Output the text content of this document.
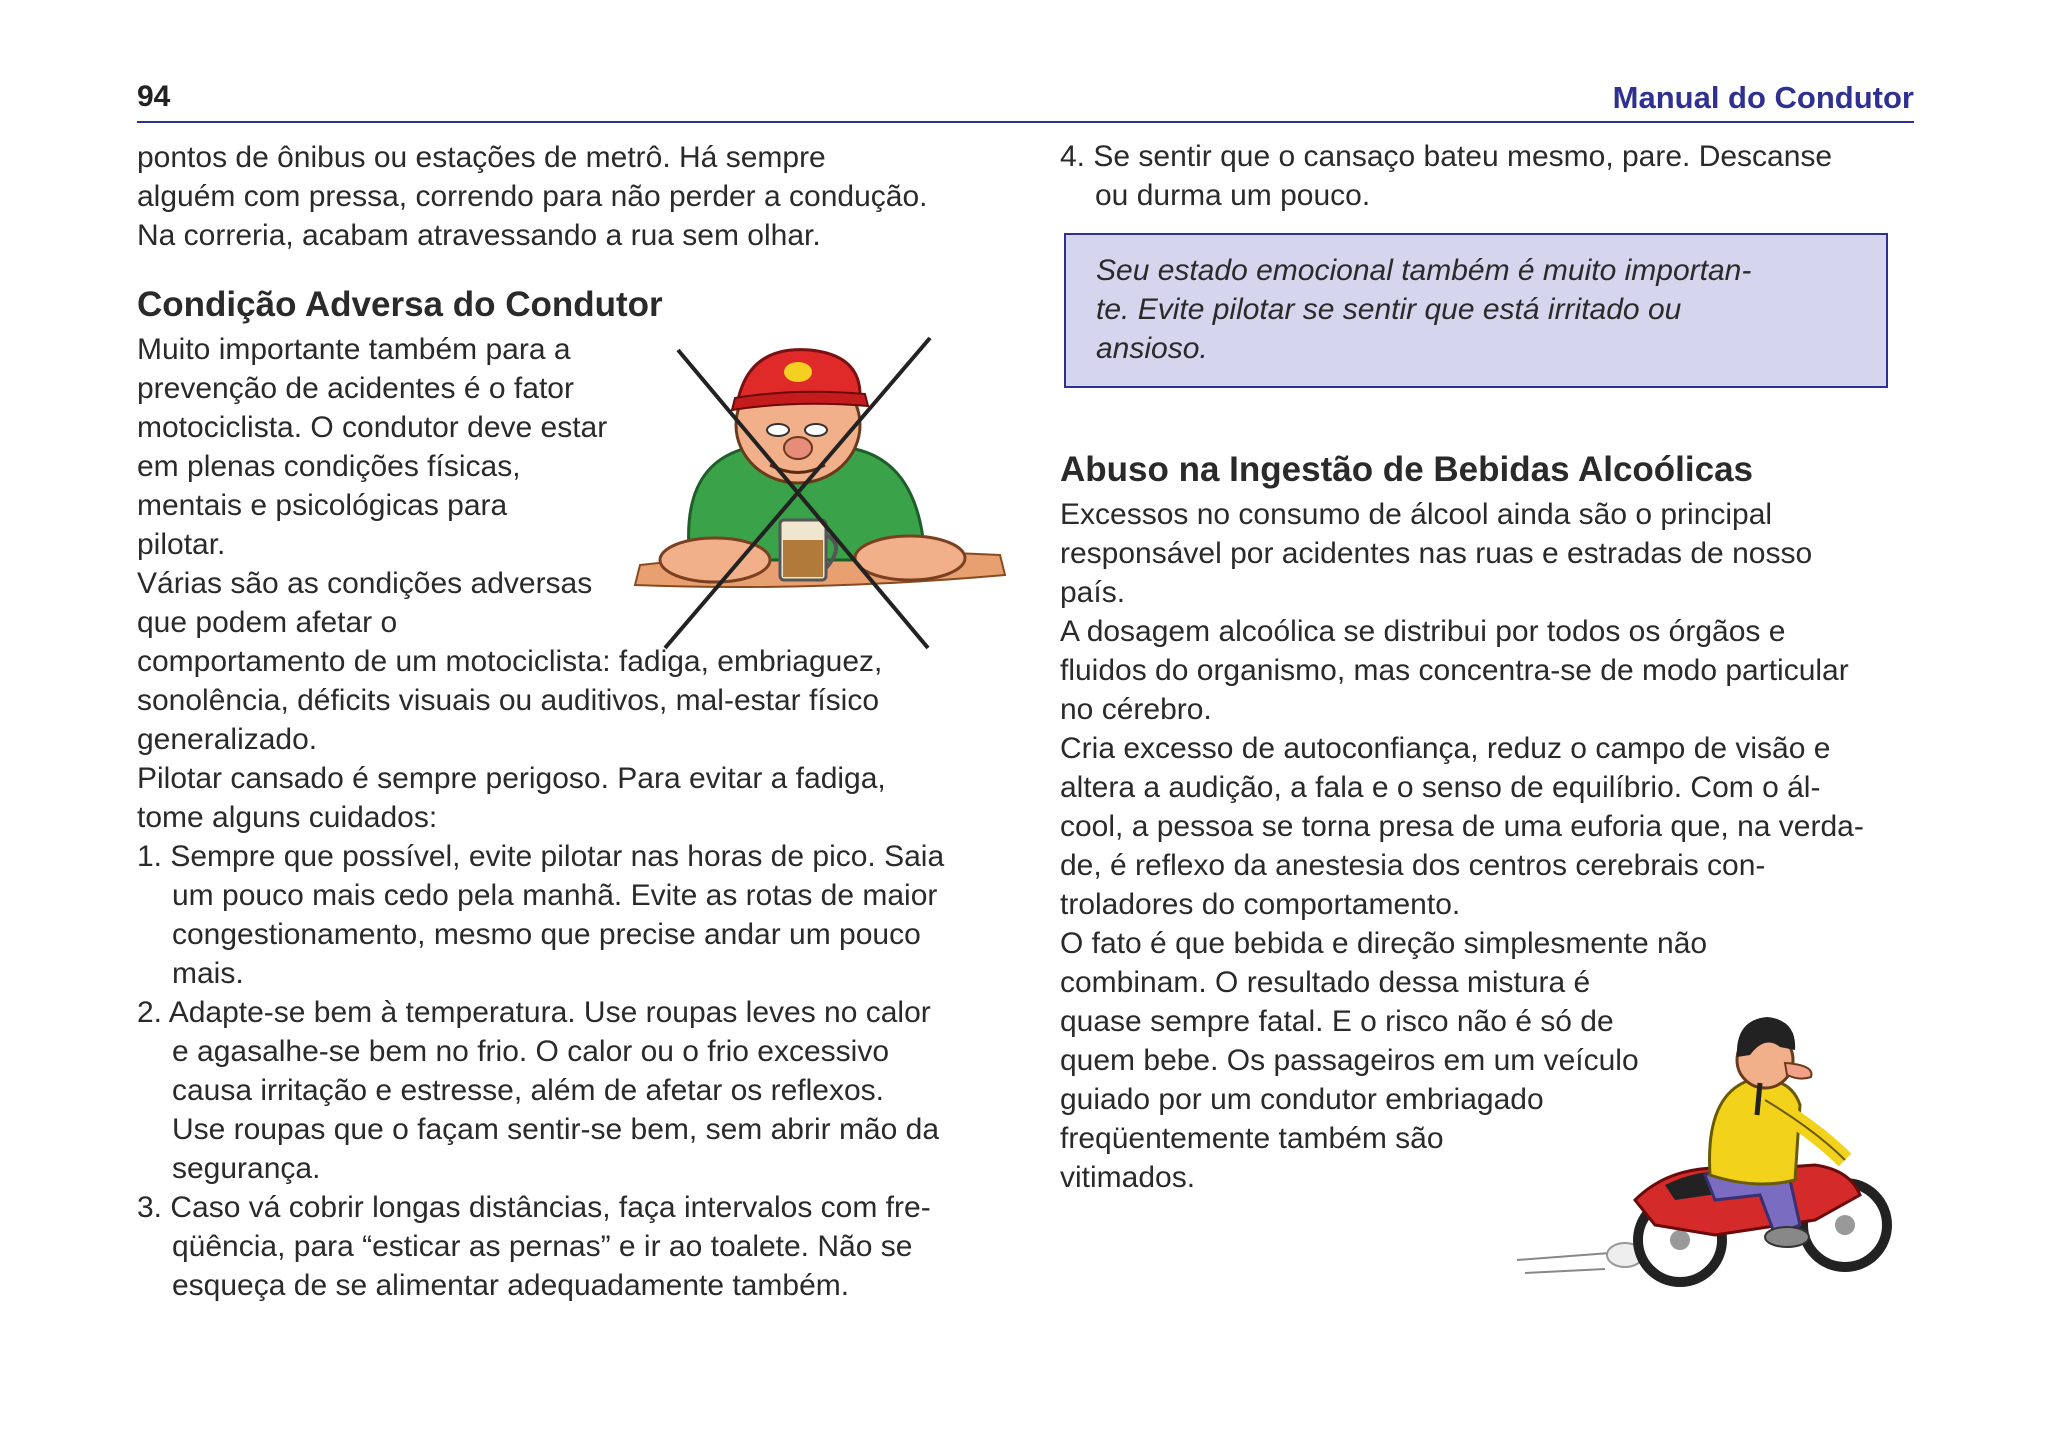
94	Manual do Condutor

pontos de ônibus ou estações de metrô. Há sempre

alguém com pressa, correndo para não perder a condução.

Na correria, acabam atravessando a rua sem olhar.

Condição Adversa do Condutor

Muito importante também para a

prevenção de acidentes é o fator

motociclista. O condutor deve estar

em plenas condições físicas,

mentais e psicológicas para

pilotar.

Várias são as condições adversas

que podem afetar o

comportamento de um motociclista: fadiga, embriaguez,

sonolência, déficits visuais ou auditivos, mal-estar físico

generalizado.

Pilotar cansado é sempre perigoso. Para evitar a fadiga,

tome alguns cuidados:

1. Sempre que possível, evite pilotar nas horas de pico. Saia

um pouco mais cedo pela manhã. Evite as rotas de maior

congestionamento, mesmo que precise andar um pouco

mais.

2. Adapte-se bem à temperatura. Use roupas leves no calor

e agasalhe-se bem no frio. O calor ou o frio excessivo

causa irritação e estresse, além de afetar os reflexos.

Use roupas que o façam sentir-se bem, sem abrir mão da

segurança.

3. Caso vá cobrir longas distâncias, faça intervalos com fre-

qüência, para “esticar as pernas” e ir ao toalete. Não se

esqueça de se alimentar adequadamente também.

4. Se sentir que o cansaço bateu mesmo, pare. Descanse

ou durma um pouco.

Seu estado emocional também é muito importan-

te. Evite pilotar se sentir que está irritado ou

ansioso.

Abuso na Ingestão de Bebidas Alcoólicas

Excessos no consumo de álcool ainda são o principal

responsável por acidentes nas ruas e estradas de nosso

país.

A dosagem alcoólica se distribui por todos os órgãos e

fluidos do organismo, mas concentra-se de modo particular

no cérebro.

Cria excesso de autoconfiança, reduz o campo de visão e

altera a audição, a fala e o senso de equilíbrio. Com o ál-

cool, a pessoa se torna presa de uma euforia que, na verda-

de, é reflexo da anestesia dos centros cerebrais con-

troladores do comportamento.

O fato é que bebida e direção simplesmente não

combinam. O resultado dessa mistura é

quase sempre fatal. E o risco não é só de

quem bebe. Os passageiros em um veículo

guiado por um condutor embriagado

freqüentemente também são

vitimados.
